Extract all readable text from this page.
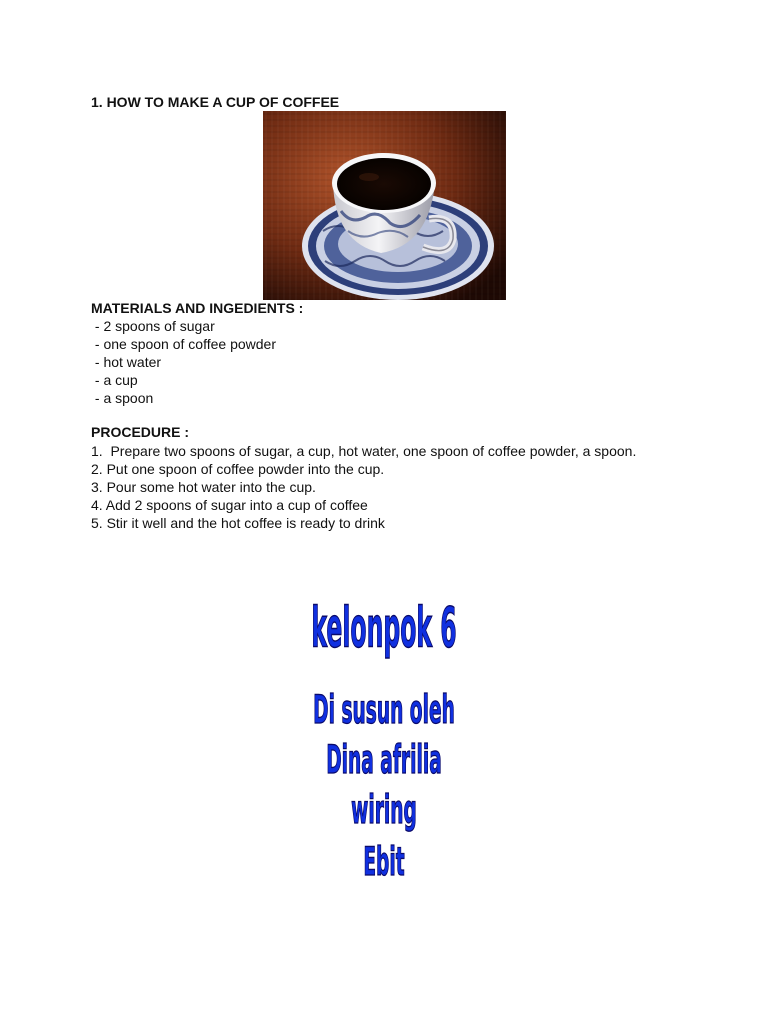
1. HOW TO MAKE A CUP OF COFFEE
MATERIALS AND INGEDIENTS :
- 2 spoons of sugar
- one spoon of coffee powder
- hot water
- a cup
- a spoon
PROCEDURE :
1.  Prepare two spoons of sugar, a cup, hot water, one spoon of coffee powder, a spoon.
2. Put one spoon of coffee powder into the cup.
3. Pour some hot water into the cup.
4. Add 2 spoons of sugar into a cup of coffee
5. Stir it well and the hot coffee is ready to drink
kelonpok 6
Di susun oleh
Dina afrilia
wiring
Ebit
